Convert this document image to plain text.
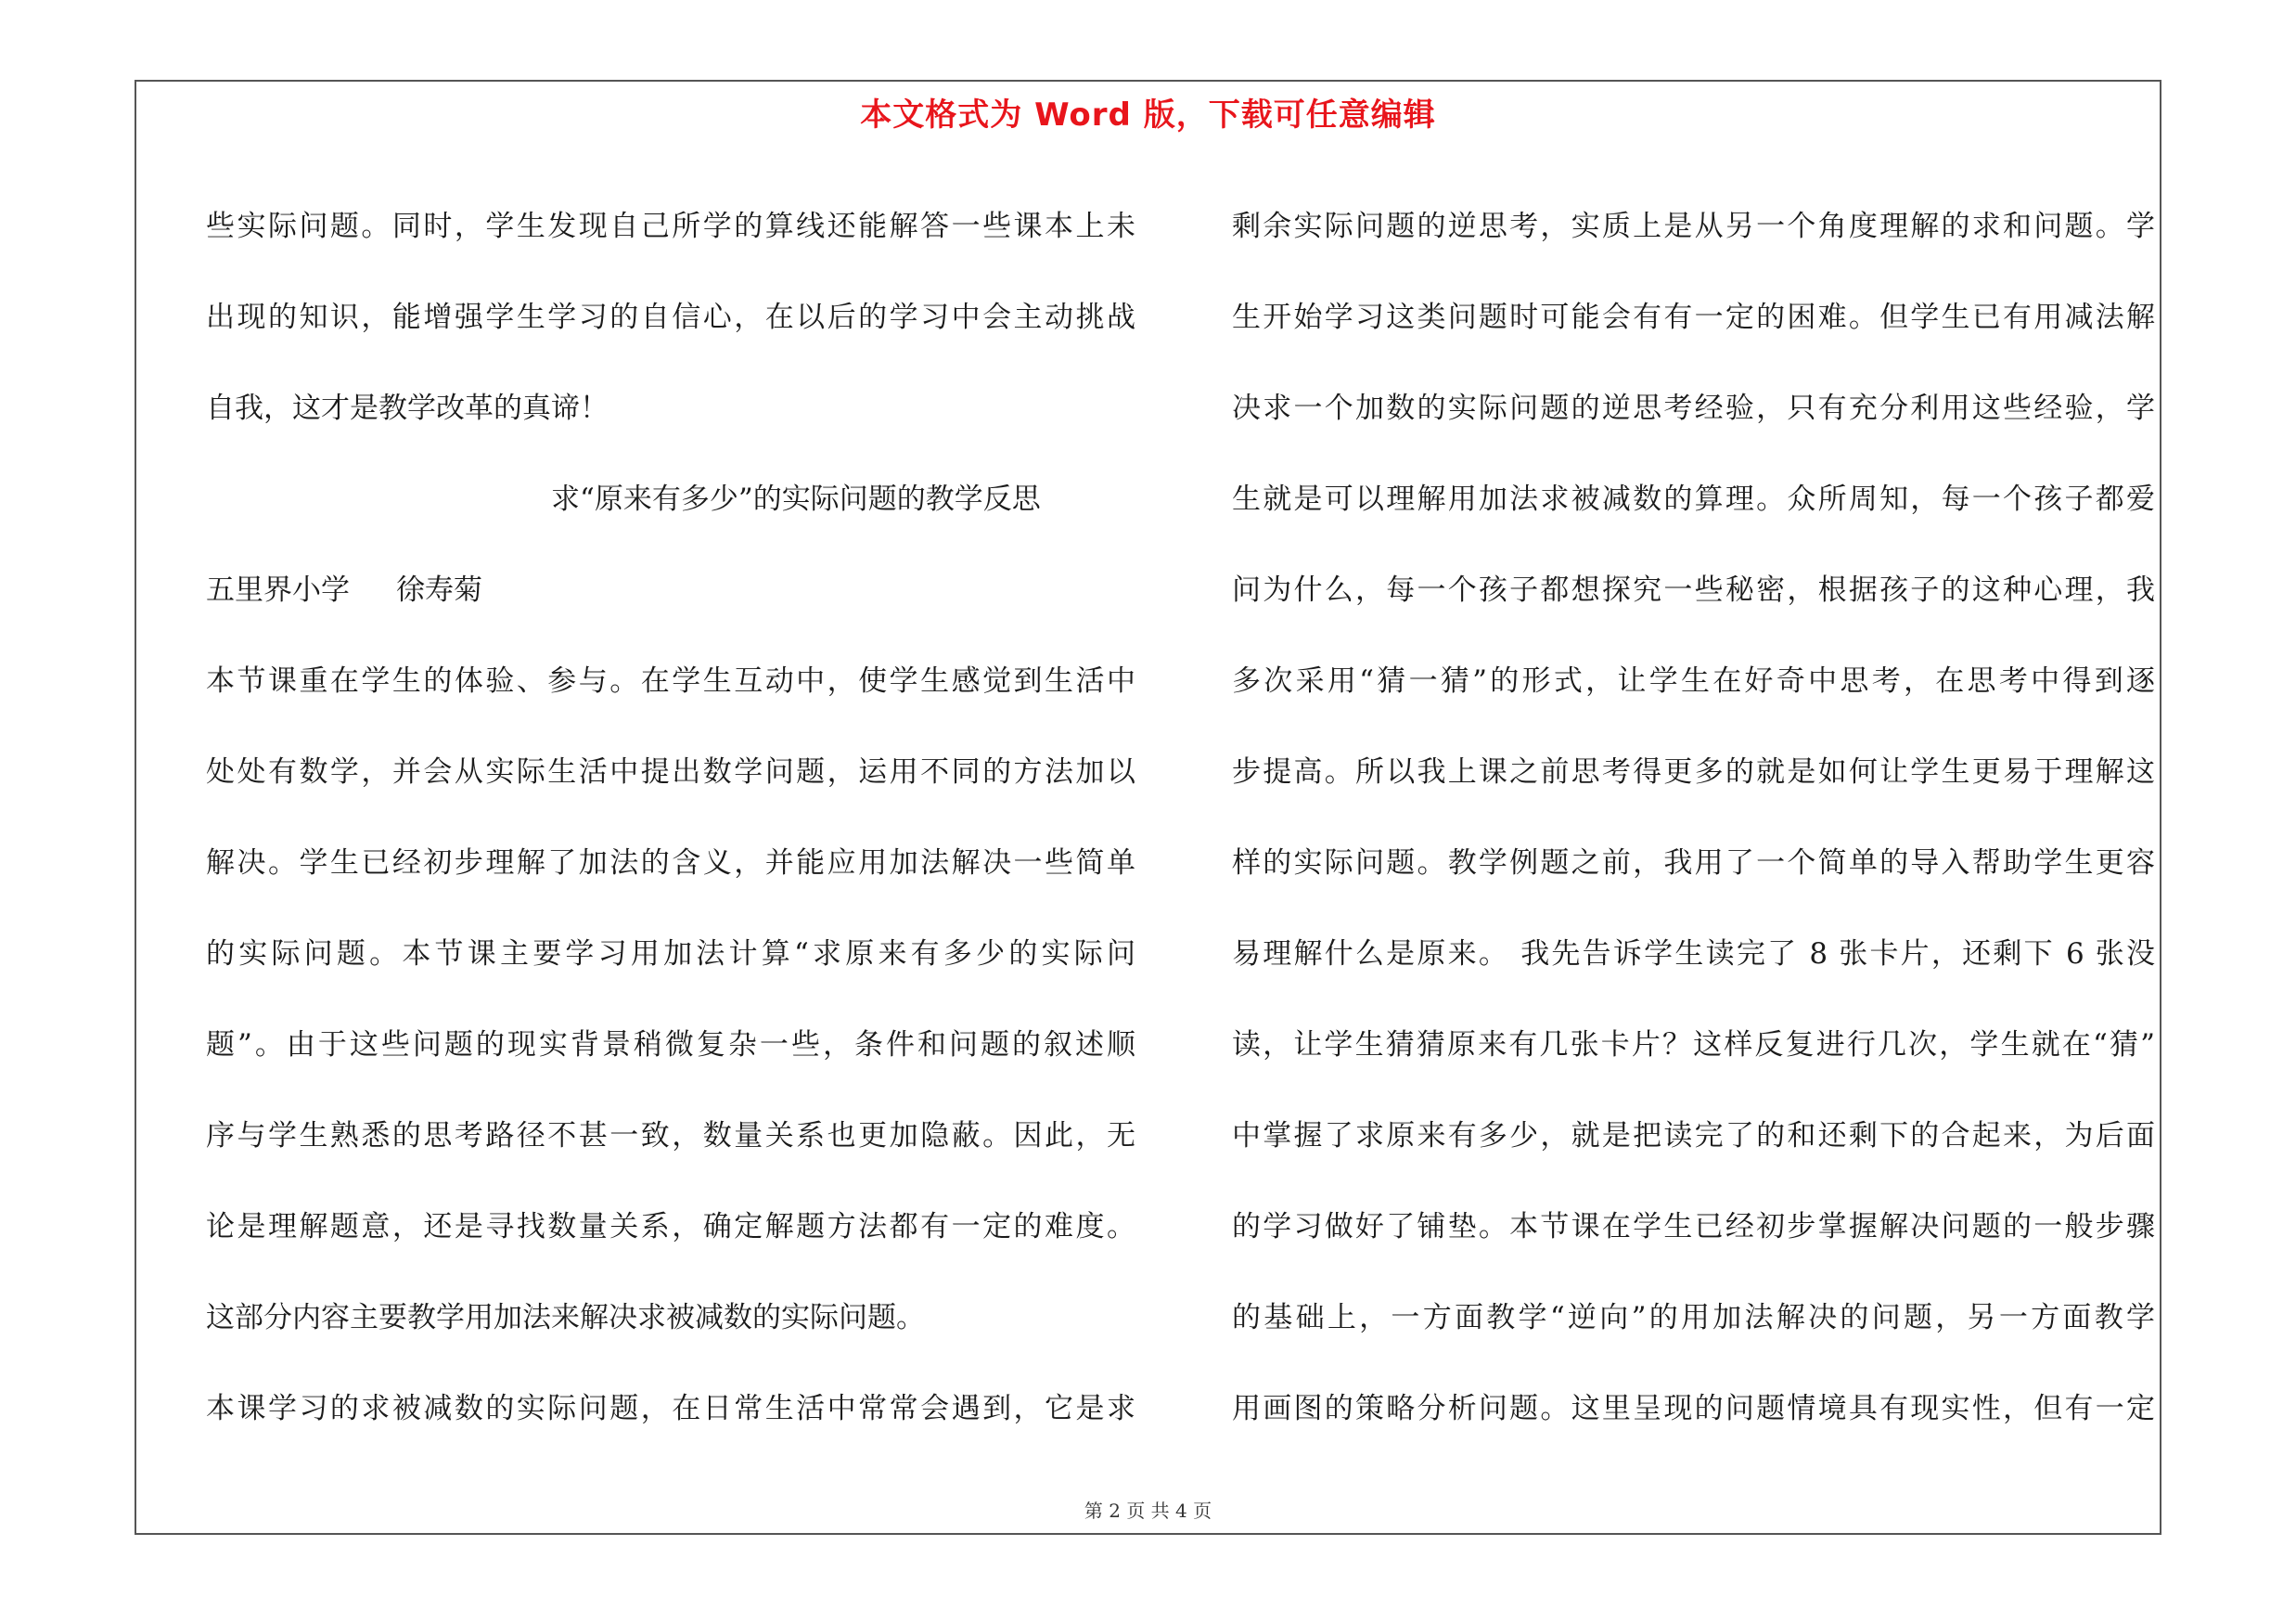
本文格式为 Word 版，下载可任意编辑
些实际问题。同时，学生发现自己所学的算线还能解答一些课本上未
出现的知识，能增强学生学习的自信心，在以后的学习中会主动挑战
自我，这才是教学改革的真谛！
求“原来有多少”的实际问题的教学反思
五里界小学 徐寿菊
本节课重在学生的体验、参与。在学生互动中，使学生感觉到生活中
处处有数学，并会从实际生活中提出数学问题，运用不同的方法加以
解决。学生已经初步理解了加法的含义，并能应用加法解决一些简单
的实际问题。本节课主要学习用加法计算“求原来有多少的实际问
题”。由于这些问题的现实背景稍微复杂一些，条件和问题的叙述顺
序与学生熟悉的思考路径不甚一致，数量关系也更加隐蔽。因此，无
论是理解题意，还是寻找数量关系，确定解题方法都有一定的难度。
这部分内容主要教学用加法来解决求被减数的实际问题。
本课学习的求被减数的实际问题，在日常生活中常常会遇到，它是求
剩余实际问题的逆思考，实质上是从另一个角度理解的求和问题。学
生开始学习这类问题时可能会有有一定的困难。但学生已有用减法解
决求一个加数的实际问题的逆思考经验，只有充分利用这些经验，学
生就是可以理解用加法求被减数的算理。众所周知，每一个孩子都爱
问为什么，每一个孩子都想探究一些秘密，根据孩子的这种心理，我
多次采用“猜一猜”的形式，让学生在好奇中思考，在思考中得到逐
步提高。所以我上课之前思考得更多的就是如何让学生更易于理解这
样的实际问题。教学例题之前，我用了一个简单的导入帮助学生更容
易理解什么是原来。 我先告诉学生读完了 8 张卡片，还剩下 6 张没
读，让学生猜猜原来有几张卡片？这样反复进行几次，学生就在“猜”
中掌握了求原来有多少，就是把读完了的和还剩下的合起来，为后面
的学习做好了铺垫。本节课在学生已经初步掌握解决问题的一般步骤
的基础上，一方面教学“逆向”的用加法解决的问题，另一方面教学
用画图的策略分析问题。这里呈现的问题情境具有现实性，但有一定
第 2 页 共 4 页
